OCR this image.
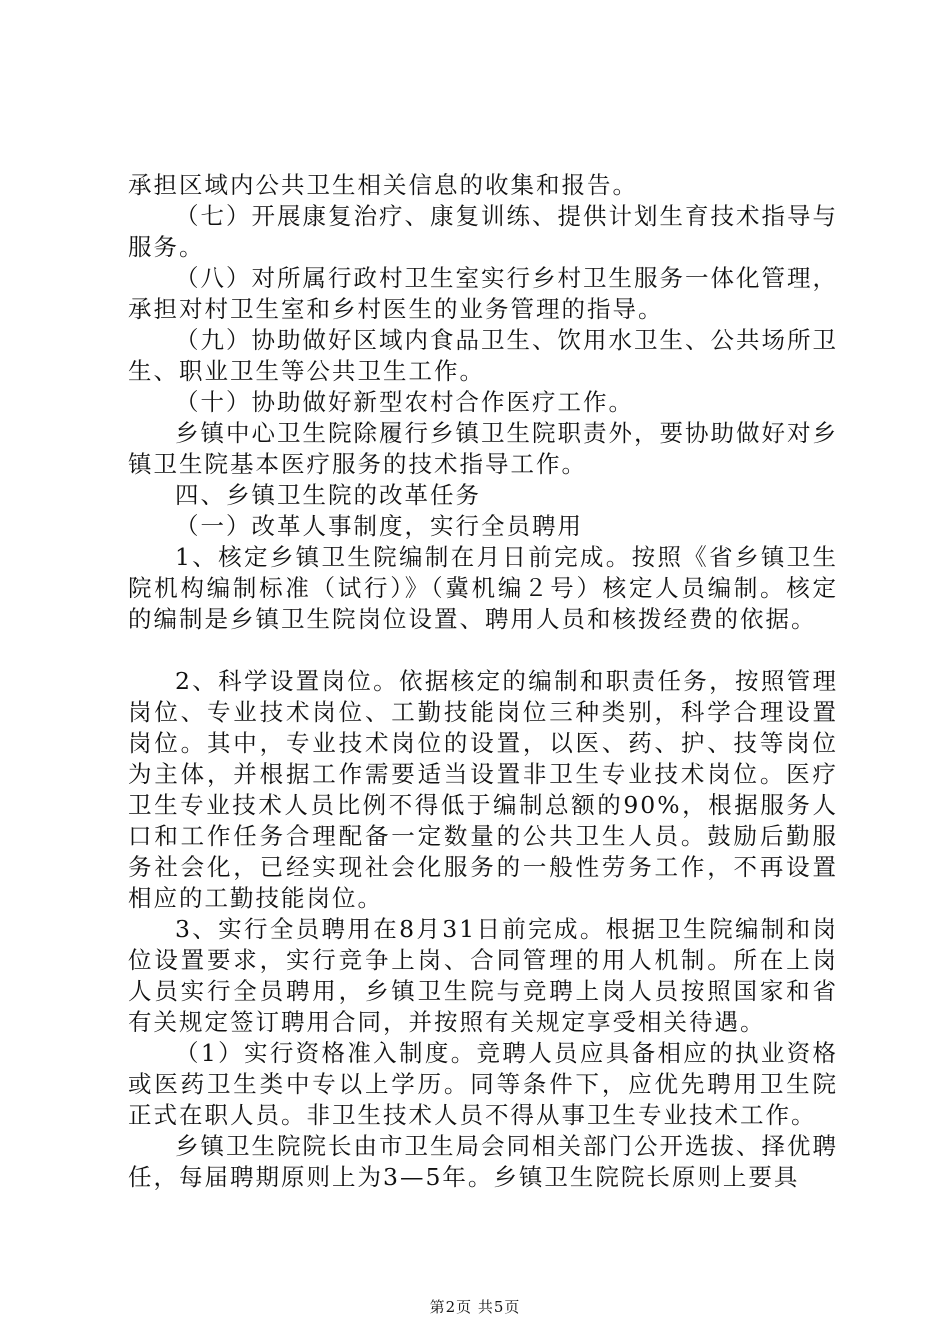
承担区域内公共卫生相关信息的收集和报告。

（七）开展康复治疗、康复训练、提供计划生育技术指导与服务。

（八）对所属行政村卫生室实行乡村卫生服务一体化管理，承担对村卫生室和乡村医生的业务管理的指导。

（九）协助做好区域内食品卫生、饮用水卫生、公共场所卫生、职业卫生等公共卫生工作。

（十）协助做好新型农村合作医疗工作。

乡镇中心卫生院除履行乡镇卫生院职责外，要协助做好对乡镇卫生院基本医疗服务的技术指导工作。

四、乡镇卫生院的改革任务

（一）改革人事制度，实行全员聘用

1、核定乡镇卫生院编制在月日前完成。按照《省乡镇卫生院机构编制标准（试行）》（冀机编２号）核定人员编制。核定的编制是乡镇卫生院岗位设置、聘用人员和核拨经费的依据。

2、科学设置岗位。依据核定的编制和职责任务，按照管理岗位、专业技术岗位、工勤技能岗位三种类别，科学合理设置岗位。其中，专业技术岗位的设置，以医、药、护、技等岗位为主体，并根据工作需要适当设置非卫生专业技术岗位。医疗卫生专业技术人员比例不得低于编制总额的90%，根据服务人口和工作任务合理配备一定数量的公共卫生人员。鼓励后勤服务社会化，已经实现社会化服务的一般性劳务工作，不再设置相应的工勤技能岗位。

3、实行全员聘用在8月31日前完成。根据卫生院编制和岗位设置要求，实行竞争上岗、合同管理的用人机制。所在上岗人员实行全员聘用，乡镇卫生院与竞聘上岗人员按照国家和省有关规定签订聘用合同，并按照有关规定享受相关待遇。

（1）实行资格准入制度。竞聘人员应具备相应的执业资格或医药卫生类中专以上学历。同等条件下，应优先聘用卫生院正式在职人员。非卫生技术人员不得从事卫生专业技术工作。

乡镇卫生院院长由市卫生局会同相关部门公开选拔、择优聘任，每届聘期原则上为3—5年。乡镇卫生院院长原则上要具

第2页 共5页
